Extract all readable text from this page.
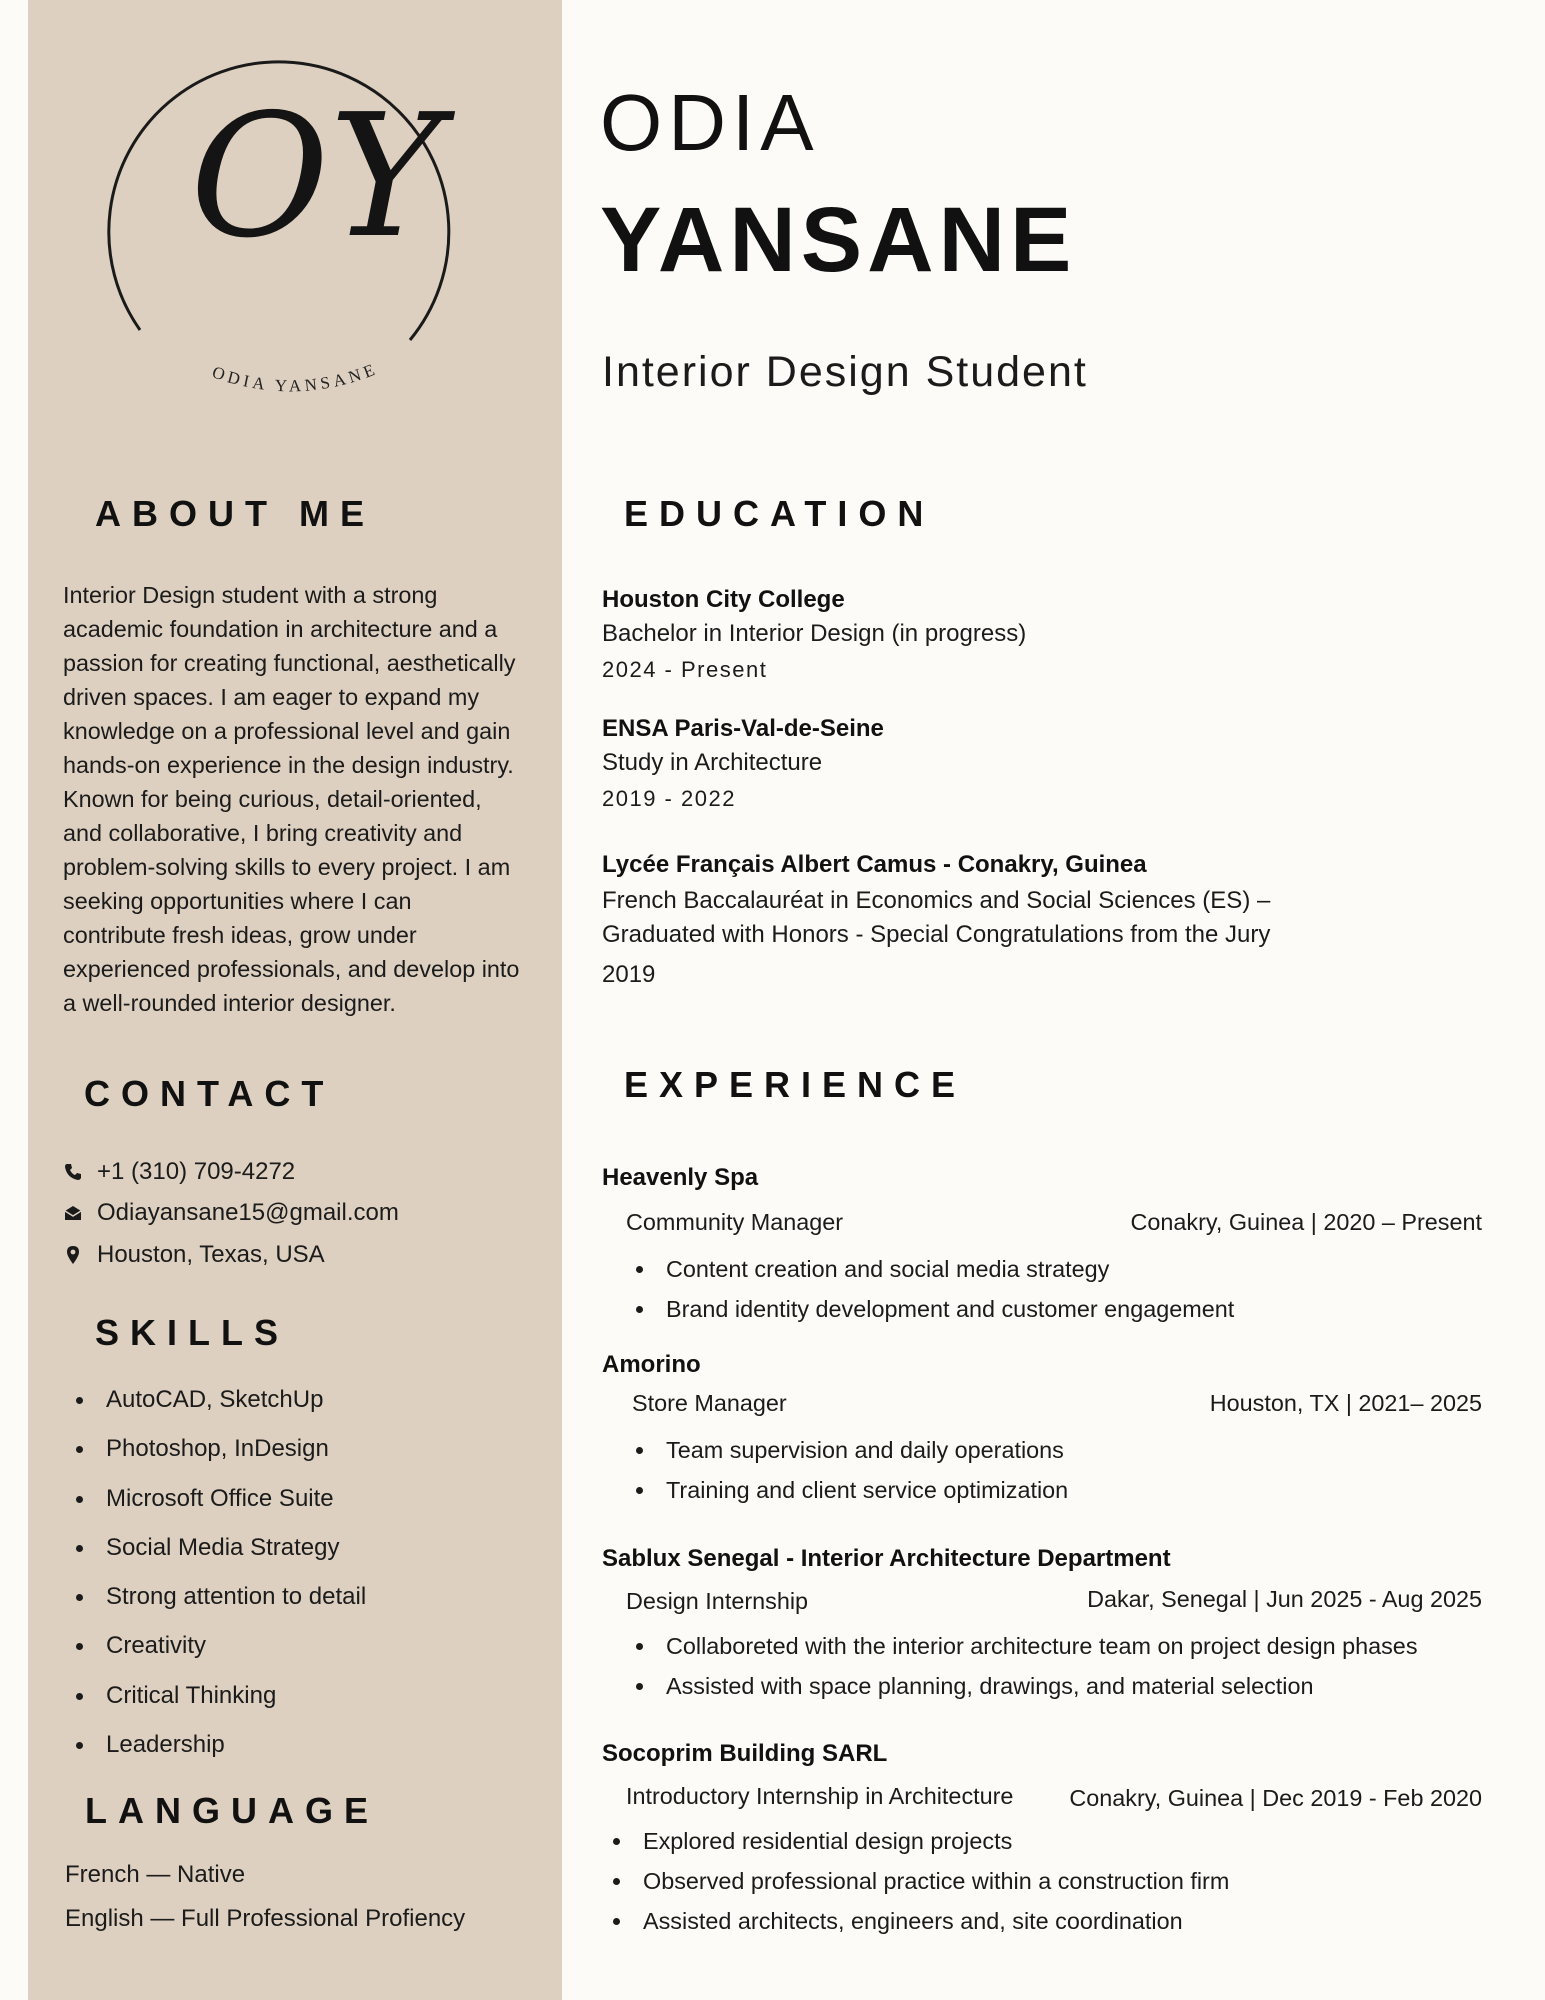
OY
ODIA YANSANE
ABOUT ME
Interior Design student with a strong
academic foundation in architecture and a
passion for creating functional, aesthetically
driven spaces. I am eager to expand my
knowledge on a professional level and gain
hands-on experience in the design industry.
Known for being curious, detail-oriented,
and collaborative, I bring creativity and
problem-solving skills to every project. I am
seeking opportunities where I can
contribute fresh ideas, grow under
experienced professionals, and develop into
a well-rounded interior designer.
CONTACT
+1 (310) 709-4272
Odiayansane15@gmail.com
Houston, Texas, USA
SKILLS
AutoCAD, SketchUp
Photoshop, InDesign
Microsoft Office Suite
Social Media Strategy
Strong attention to detail
Creativity
Critical Thinking
Leadership
LANGUAGE
French — Native
English — Full Professional Profiency
ODIA
YANSANE
Interior Design Student
EDUCATION
Houston City College
Bachelor in Interior Design (in progress)
2024 - Present
ENSA Paris-Val-de-Seine
Study in Architecture
2019 - 2022
Lycée Français Albert Camus - Conakry, Guinea
French Baccalauréat in Economics and Social Sciences (ES) –
Graduated with Honors - Special Congratulations from the Jury
2019
EXPERIENCE
Heavenly Spa
Community Manager	Conakry, Guinea | 2020 – Present
Content creation and social media strategy
Brand identity development and customer engagement
Amorino
Store Manager	Houston, TX | 2021– 2025
Team supervision and daily operations
Training and client service optimization
Sablux Senegal - Interior Architecture Department
Design Internship	Dakar, Senegal | Jun 2025 - Aug 2025
Collaboreted with the interior architecture team on project design phases
Assisted with space planning, drawings, and material selection
Socoprim Building SARL
Introductory Internship in Architecture Conakry, Guinea | Dec 2019 - Feb 2020
Explored residential design projects
Observed professional practice within a construction firm
Assisted architects, engineers and, site coordination
